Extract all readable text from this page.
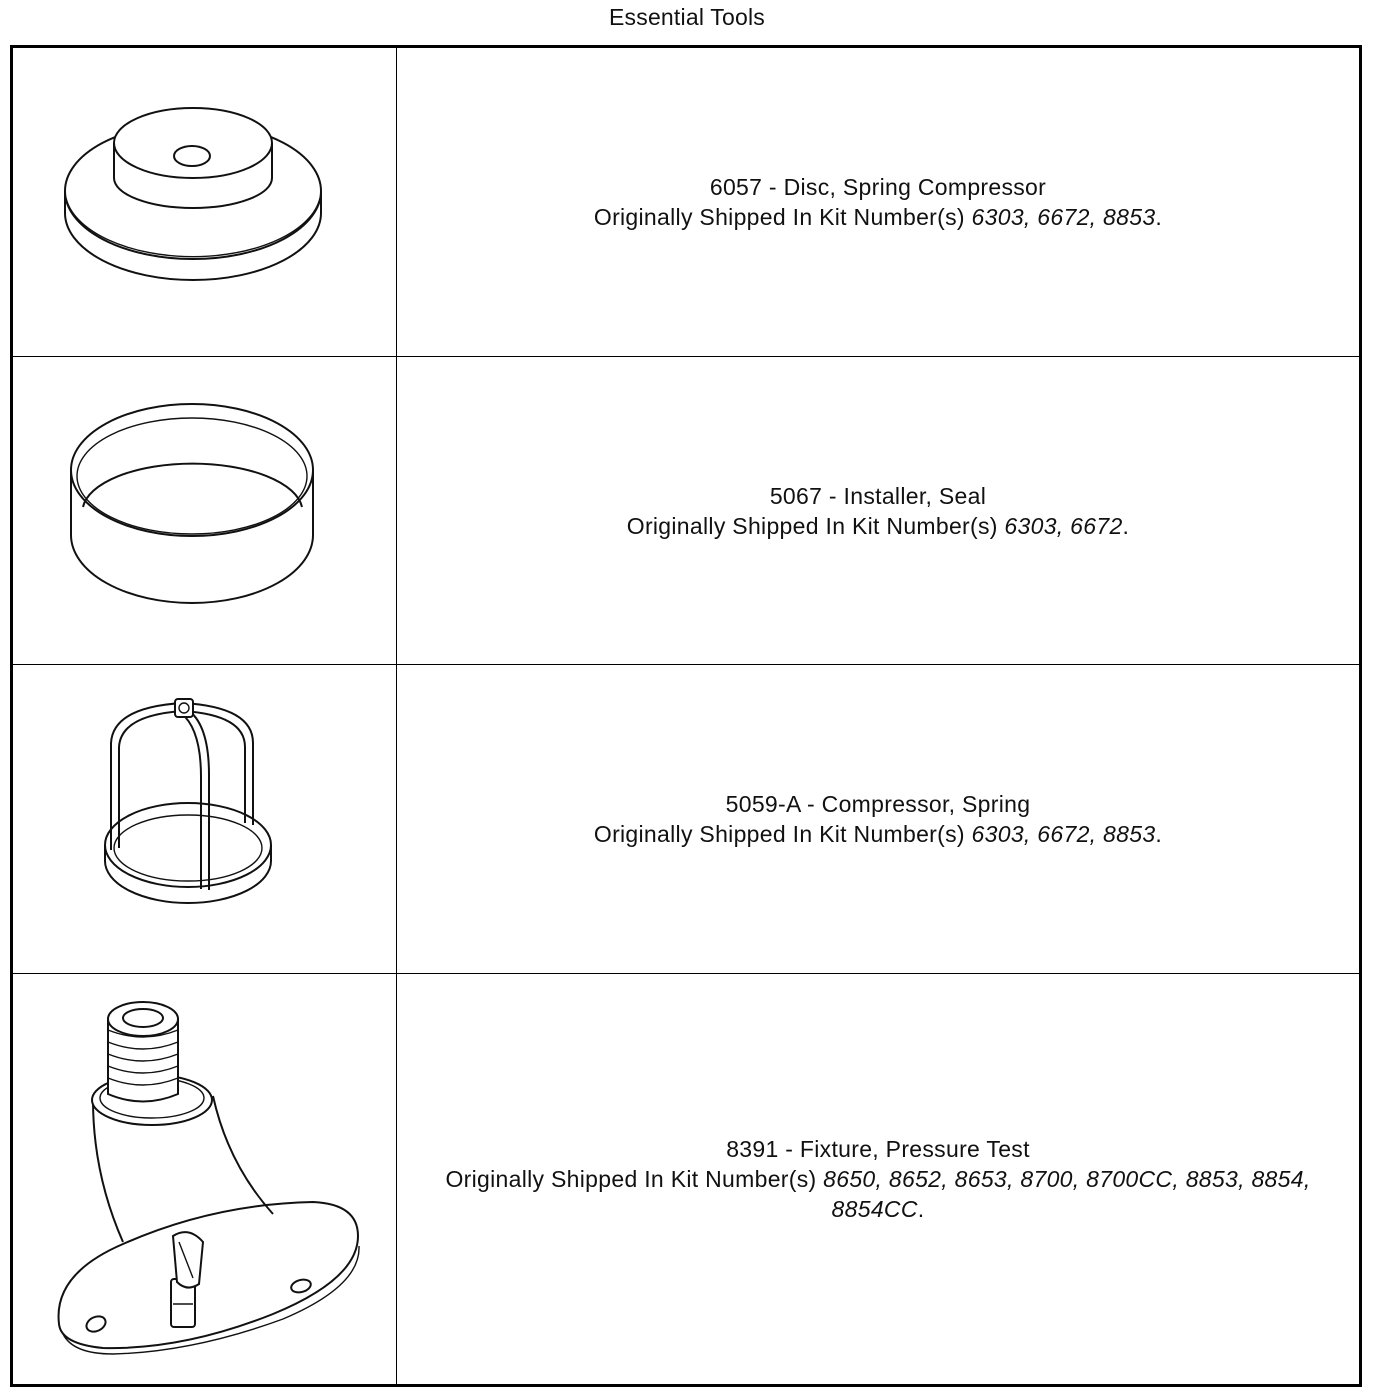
Essential Tools
6057 - Disc, Spring Compressor
Originally Shipped In Kit Number(s) 6303, 6672, 8853.
5067 - Installer, Seal
Originally Shipped In Kit Number(s) 6303, 6672.
5059-A - Compressor, Spring
Originally Shipped In Kit Number(s) 6303, 6672, 8853.
8391 - Fixture, Pressure Test
Originally Shipped In Kit Number(s) 8650, 8652, 8653, 8700, 8700CC, 8853, 8854, 8854CC.
